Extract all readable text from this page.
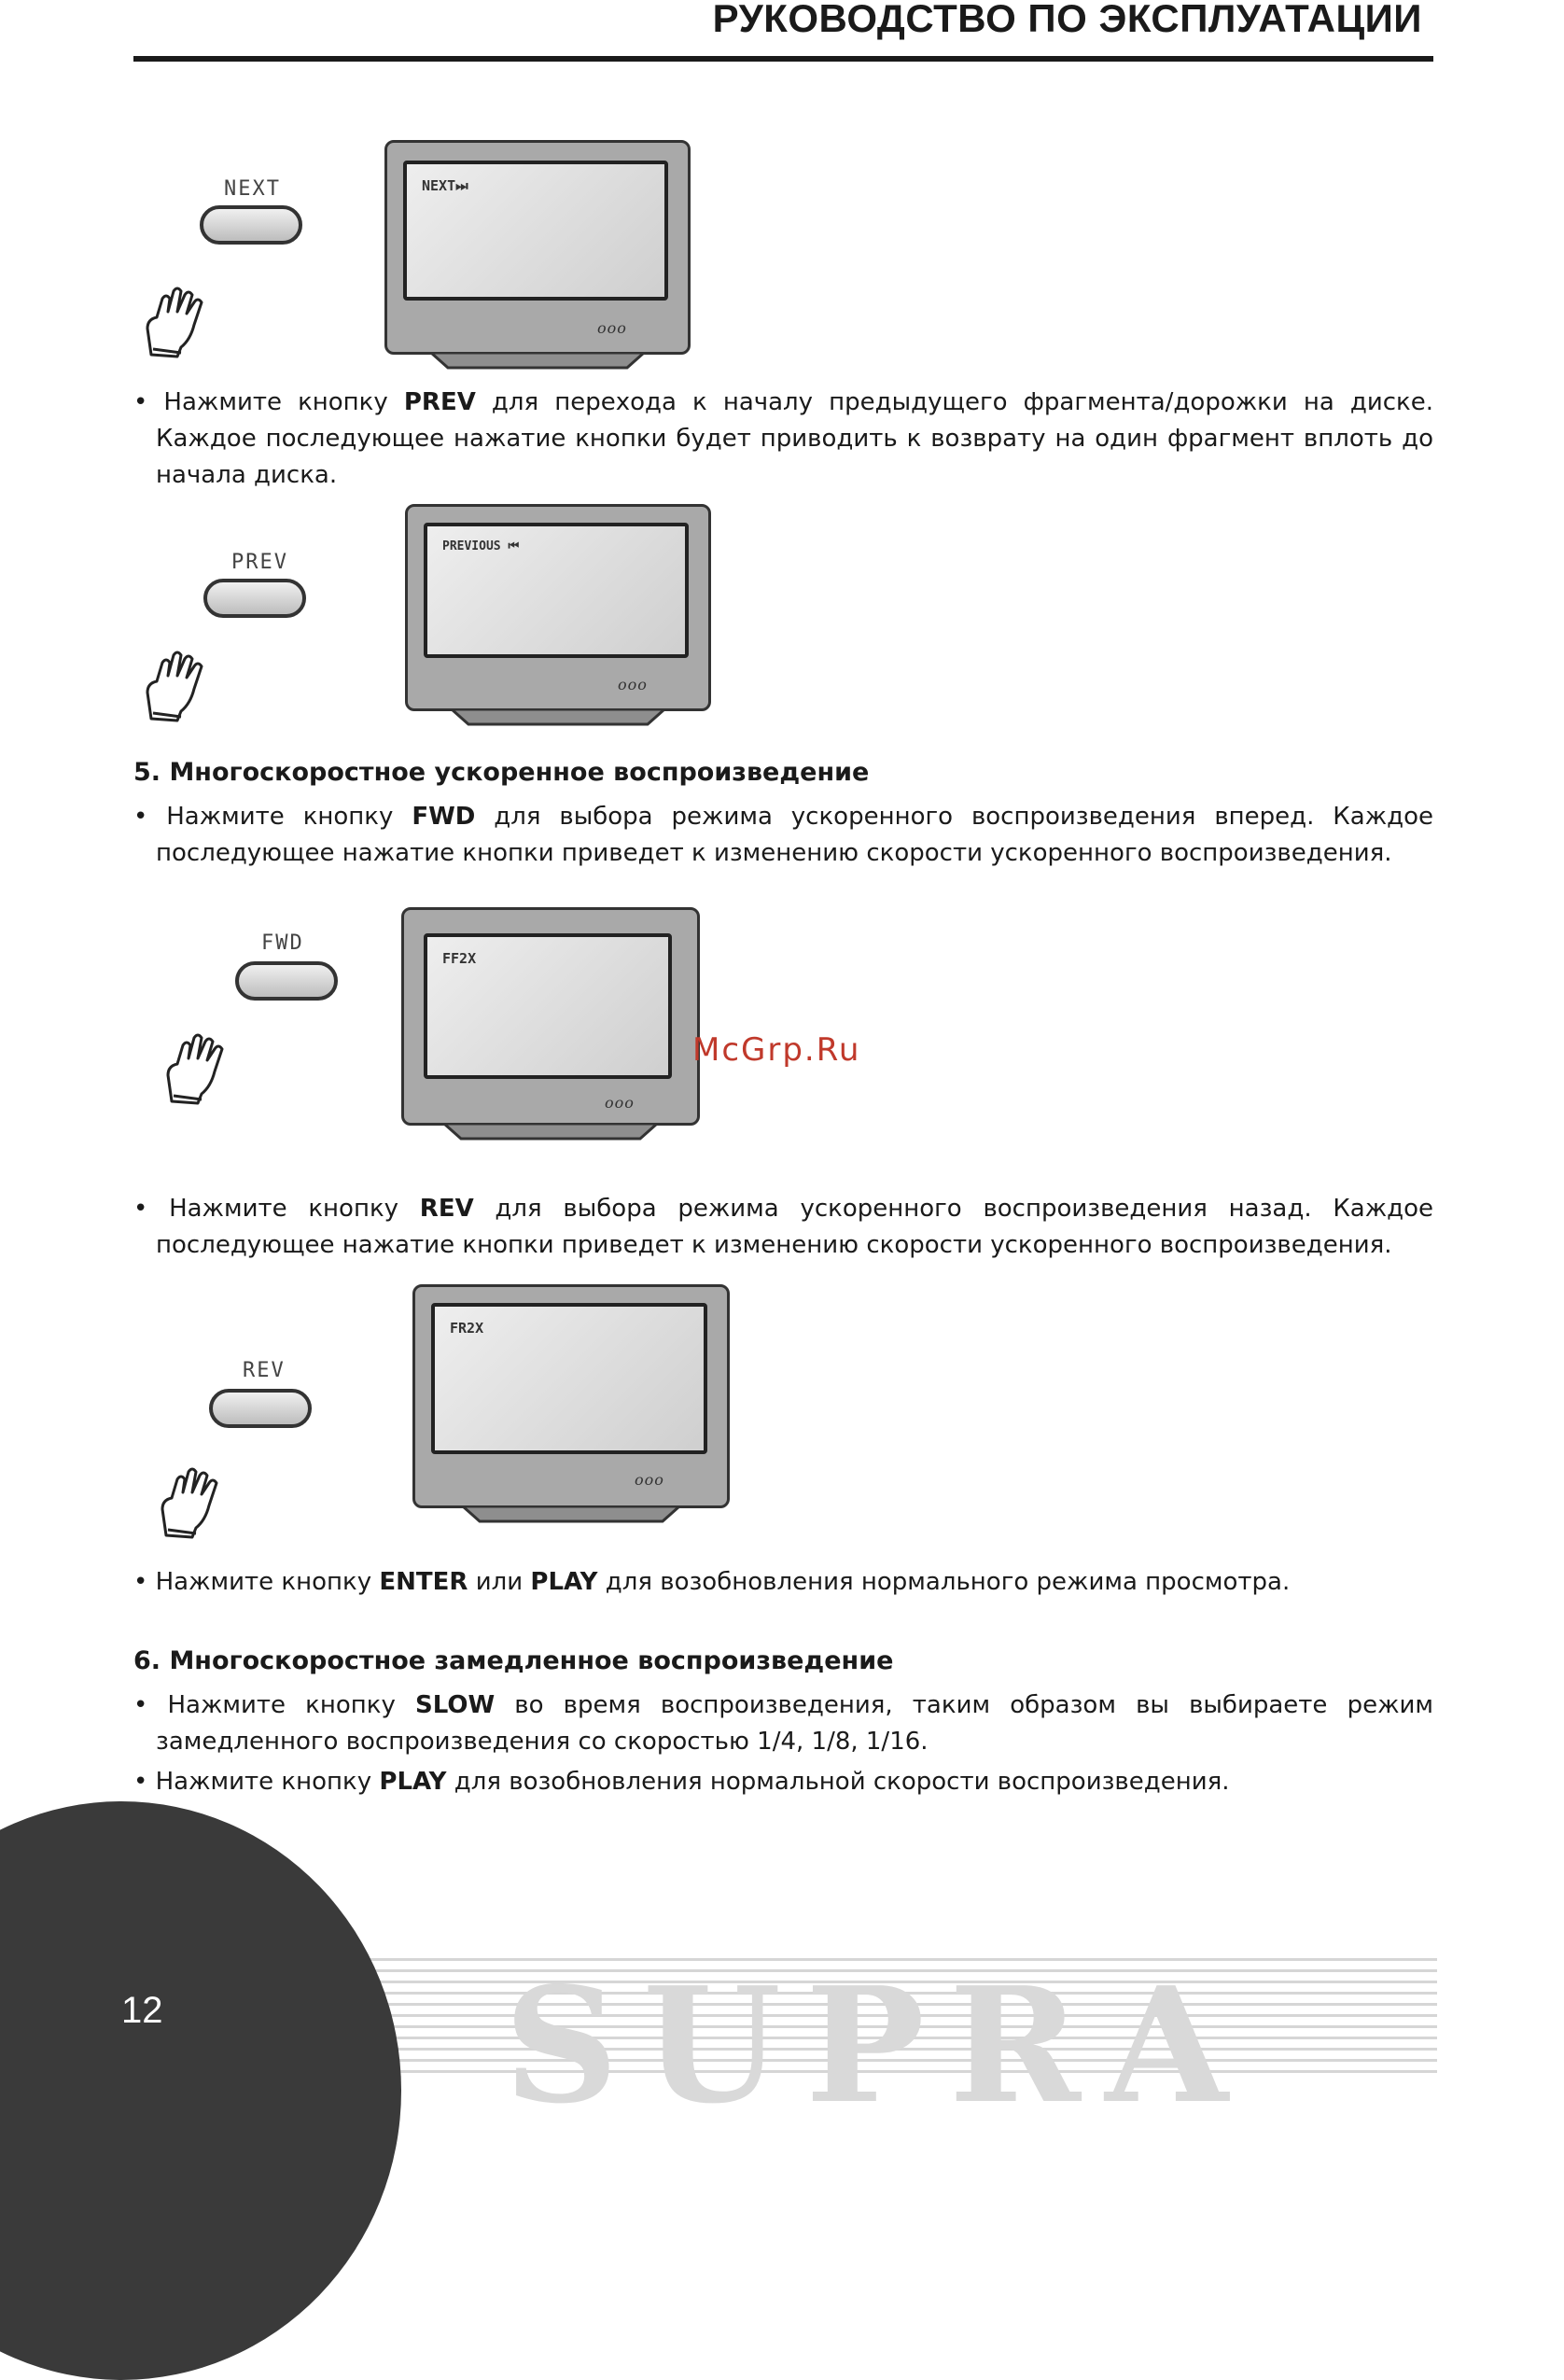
РУКОВОДСТВО ПО ЭКСПЛУАТАЦИИ
NEXT	NEXT⏭
ooo
• Нажмите кнопку PREV для перехода к началу предыдущего фрагмента/дорожки на диске. Каждое последующее нажатие кнопки будет приводить к возврату на один фрагмент вплоть до начала диска.
PREV
PREVIOUS ⏮
ooo
5. Многоскоростное ускоренное воспроизведение
• Нажмите кнопку FWD для выбора режима ускоренного воспроизведения вперед. Каждое последующее нажатие кнопки приведет к изменению скорости ускоренного воспроизведения.
FWD
FF2X
ooo
McGrp.Ru
• Нажмите кнопку REV для выбора режима ускоренного воспроизведения назад. Каждое последующее нажатие кнопки приведет к изменению скорости ускоренного воспроизведения.
REV
FR2X
ooo
• Нажмите кнопку ENTER или PLAY для возобновления нормального режима просмотра.
6. Многоскоростное замедленное воспроизведение
• Нажмите кнопку SLOW во время воспроизведения, таким образом вы выбираете режим замедленного воспроизведения со скоростью 1/4, 1/8, 1/16.
• Нажмите кнопку PLAY для возобновления нормальной скорости воспроизведения.
SUPRA
12
